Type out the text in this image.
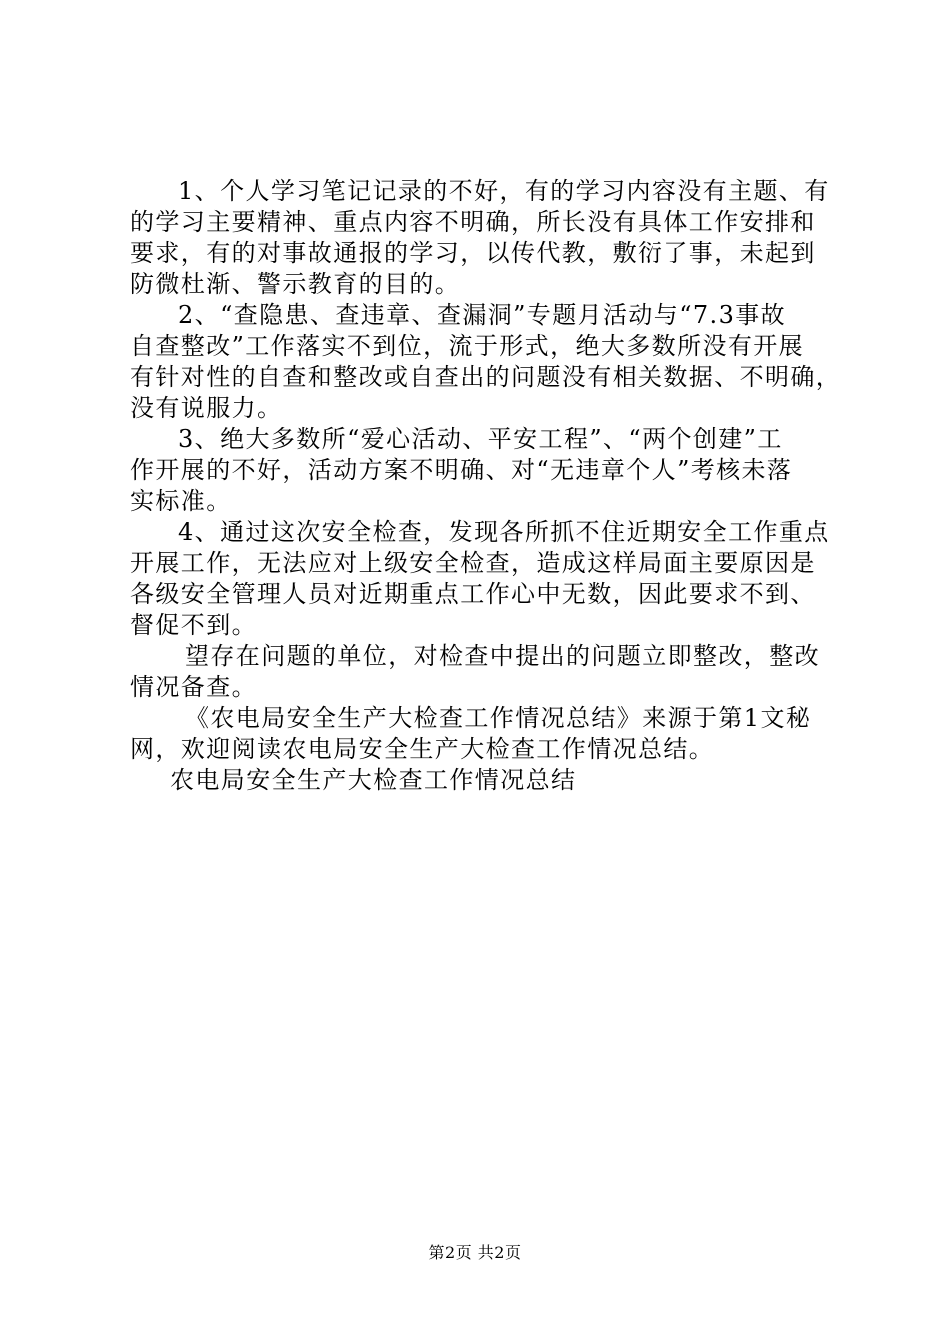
1、个人学习笔记记录的不好，有的学习内容没有主题、有
的学习主要精神、重点内容不明确，所长没有具体工作安排和
要求，有的对事故通报的学习，以传代教，敷衍了事，未起到
防微杜渐、警示教育的目的。
2、“查隐患、查违章、查漏洞”专题月活动与“7.3事故
自查整改”工作落实不到位，流于形式，绝大多数所没有开展
有针对性的自查和整改或自查出的问题没有相关数据、不明确，
没有说服力。
3、绝大多数所“爱心活动、平安工程”、“两个创建”工
作开展的不好，活动方案不明确、对“无违章个人”考核未落
实标准。
4、通过这次安全检查，发现各所抓不住近期安全工作重点
开展工作，无法应对上级安全检查，造成这样局面主要原因是
各级安全管理人员对近期重点工作心中无数，因此要求不到、
督促不到。
望存在问题的单位，对检查中提出的问题立即整改，整改
情况备查。
《农电局安全生产大检查工作情况总结》来源于第1文秘
网，欢迎阅读农电局安全生产大检查工作情况总结。
农电局安全生产大检查工作情况总结
第2页 共2页
